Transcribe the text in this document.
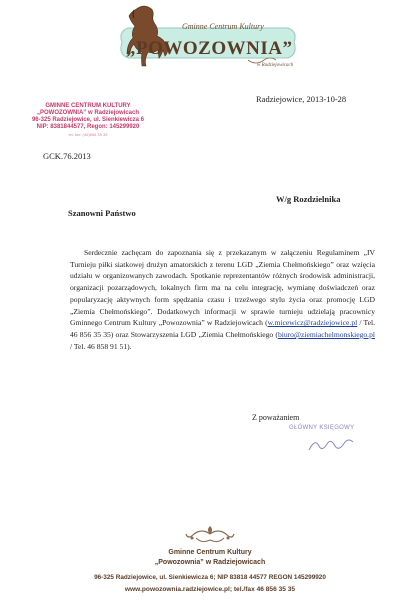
Gminne Centrum Kultury
„POWOZOWNIA”
w Radziejowicach
Radziejowice, 2013-10-28
GMINNE CENTRUM KULTURY
„POWOZOWNIA” w Radziejowicach
96-325 Radziejowice, ul. Sienkiewicza 6
NIP: 8381844577, Regon: 145299920
tel. fax: (46)856 35 35
GCK.76.2013
W/g Rozdzielnika
Szanowni Państwo

Serdecznie zachęcam do zapoznania się z przekazanym w załączeniu Regulaminem „IV Turnieju piłki siatkowej drużyn amatorskich z terenu LGD „Ziemia Chełmońskiego” oraz wzięcia udziału w organizowanych zawodach. Spotkanie reprezentantów różnych środowisk administracji, organizacji pozarządowych, lokalnych firm ma na celu integrację, wymianę doświadczeń oraz popularyzację aktywnych form spędzania czasu i trzeźwego stylu życia oraz promocję LGD „Ziemia Chełmońskiego”. Dodatkowych informacji w sprawie turnieju udzielają pracownicy Gminnego Centrum Kultury „Powozownia” w Radziejowicach (w.micewicz@radziejowice.pl / Tel. 46 856 35 35) oraz Stowarzyszenia LGD „Ziemia Chełmońskiego (biuro@ziemiachelmonskiego.pl / Tel. 46 858 91 51).

Z poważaniem
GŁÓWNY KSIĘGOWY
Gminne Centrum Kultury
„Powozownia” w Radziejowicach
96-325 Radziejowice, ul. Sienkiewicza 6; NIP 83818 44577 REGON 145299920
www.powozownia.radziejowice.pl; tel./fax 46 856 35 35
